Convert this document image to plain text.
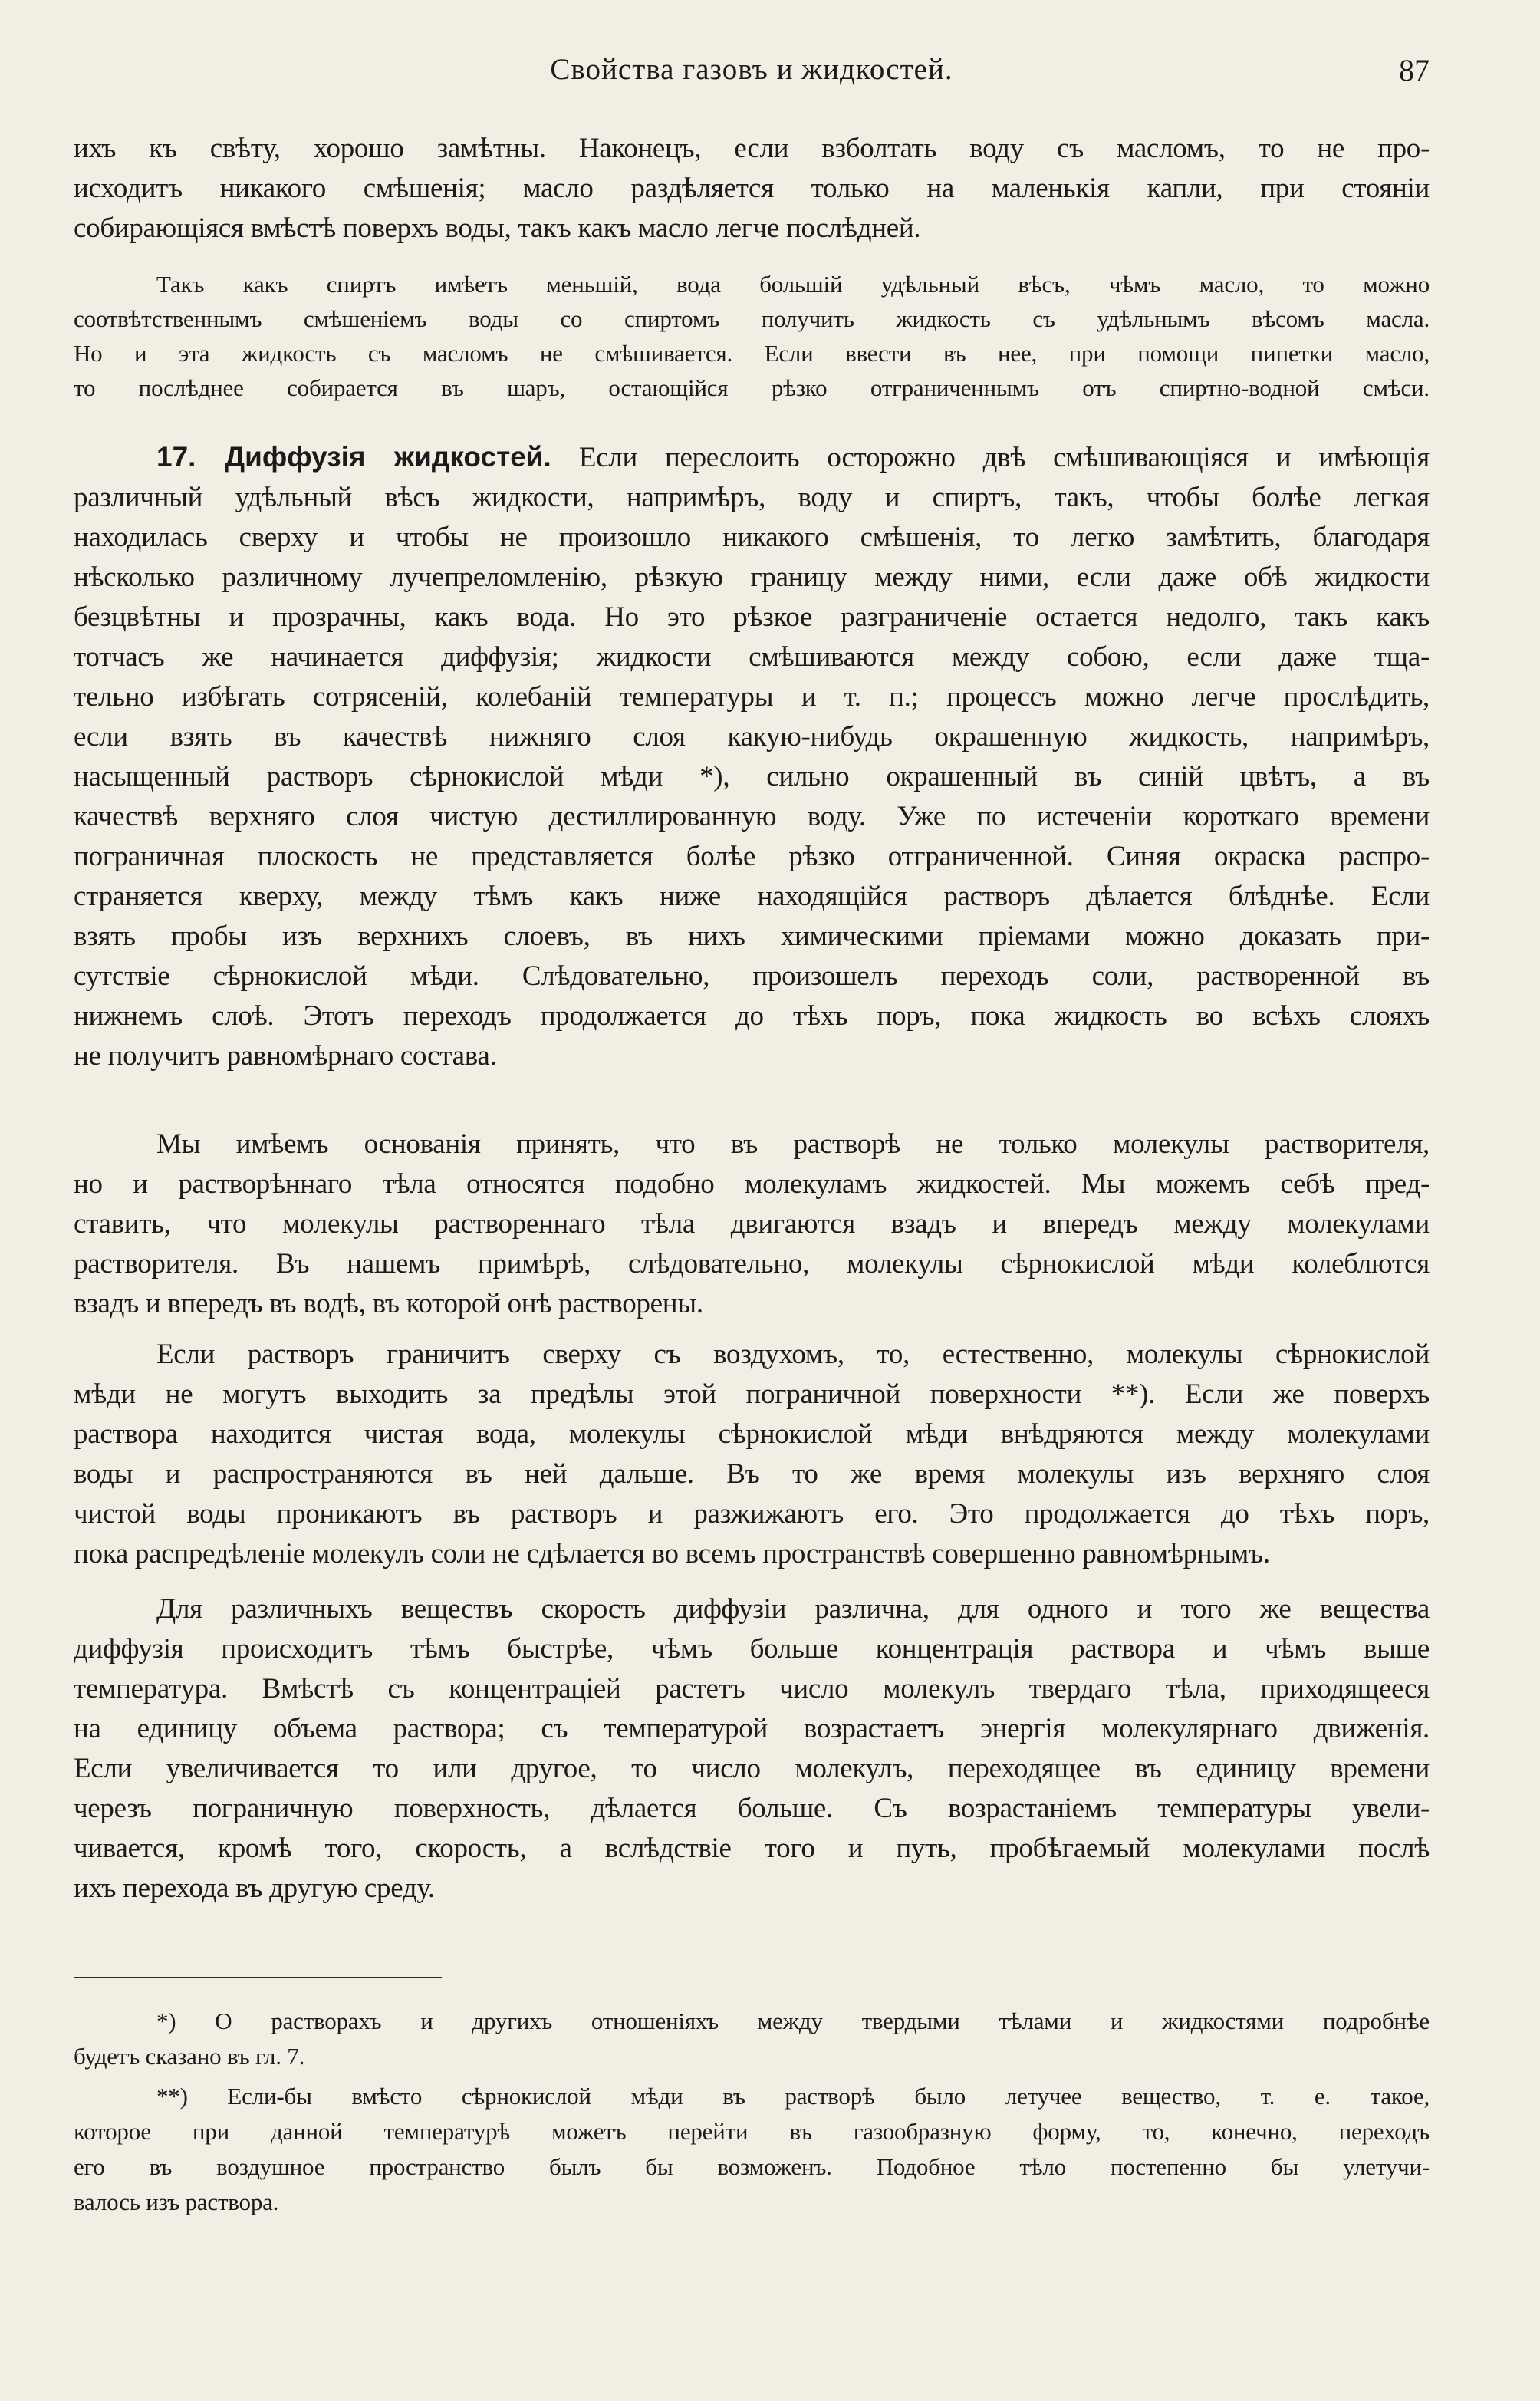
Свойства газовъ и жидкостей.	87
ихъ къ свѣту, хорошо замѣтны. Наконецъ, если взболтать воду съ масломъ, то не про-
исходитъ никакого смѣшенія; масло раздѣляется только на маленькія капли, при стояніи
собирающіяся вмѣстѣ поверхъ воды, такъ какъ масло легче послѣдней.
Такъ какъ спиртъ имѣетъ меньшій, вода большій удѣльный вѣсъ, чѣмъ масло, то можно
соотвѣтственнымъ смѣшеніемъ воды со спиртомъ получить жидкость съ удѣльнымъ вѣсомъ масла.
Но и эта жидкость съ масломъ не смѣшивается. Если ввести въ нее, при помощи пипетки масло,
то послѣднее собирается въ шаръ, остающійся рѣзко отграниченнымъ отъ спиртно-водной смѣси.
17. Диффузія жидкостей. Если переслоить осторожно двѣ смѣшивающіяся и имѣющія
различный удѣльный вѣсъ жидкости, напримѣръ, воду и спиртъ, такъ, чтобы болѣе легкая
находилась сверху и чтобы не произошло никакого смѣшенія, то легко замѣтить, благодаря
нѣсколько различному лучепреломленію, рѣзкую границу между ними, если даже обѣ жидкости
безцвѣтны и прозрачны, какъ вода. Но это рѣзкое разграниченіе остается недолго, такъ какъ
тотчасъ же начинается диффузія; жидкости смѣшиваются между собою, если даже тща-
тельно избѣгать сотрясеній, колебаній температуры и т. п.; процессъ можно легче прослѣдить,
если взять въ качествѣ нижняго слоя какую-нибудь окрашенную жидкость, напримѣръ,
насыщенный растворъ сѣрнокислой мѣди *), сильно окрашенный въ синій цвѣтъ, а въ
качествѣ верхняго слоя чистую дестиллированную воду. Уже по истеченіи короткаго времени
пограничная плоскость не представляется болѣе рѣзко отграниченной. Синяя окраска распро-
страняется кверху, между тѣмъ какъ ниже находящійся растворъ дѣлается блѣднѣе. Если
взять пробы изъ верхнихъ слоевъ, въ нихъ химическими пріемами можно доказать при-
сутствіе сѣрнокислой мѣди. Слѣдовательно, произошелъ переходъ соли, растворенной въ
нижнемъ слоѣ. Этотъ переходъ продолжается до тѣхъ поръ, пока жидкость во всѣхъ слояхъ
не получитъ равномѣрнаго состава.
Мы имѣемъ основанія принять, что въ растворѣ не только молекулы растворителя,
но и растворѣннаго тѣла относятся подобно молекуламъ жидкостей. Мы можемъ себѣ пред-
ставить, что молекулы раствореннаго тѣла двигаются взадъ и впередъ между молекулами
растворителя. Въ нашемъ примѣрѣ, слѣдовательно, молекулы сѣрнокислой мѣди колеблются
взадъ и впередъ въ водѣ, въ которой онѣ растворены.
Если растворъ граничитъ сверху съ воздухомъ, то, естественно, молекулы сѣрнокислой
мѣди не могутъ выходить за предѣлы этой пограничной поверхности **). Если же поверхъ
раствора находится чистая вода, молекулы сѣрнокислой мѣди внѣдряются между молекулами
воды и распространяются въ ней дальше. Въ то же время молекулы изъ верхняго слоя
чистой воды проникаютъ въ растворъ и разжижаютъ его. Это продолжается до тѣхъ поръ,
пока распредѣленіе молекулъ соли не сдѣлается во всемъ пространствѣ совершенно равномѣрнымъ.
Для различныхъ веществъ скорость диффузіи различна, для одного и того же вещества
диффузія происходитъ тѣмъ быстрѣе, чѣмъ больше концентрація раствора и чѣмъ выше
температура. Вмѣстѣ съ концентраціей растетъ число молекулъ твердаго тѣла, приходящееся
на единицу объема раствора; съ температурой возрастаетъ энергія молекулярнаго движенія.
Если увеличивается то или другое, то число молекулъ, переходящее въ единицу времени
черезъ пограничную поверхность, дѣлается больше. Съ возрастаніемъ температуры увели-
чивается, кромѣ того, скорость, а вслѣдствіе того и путь, пробѣгаемый молекулами послѣ
ихъ перехода въ другую среду.
*) О растворахъ и другихъ отношеніяхъ между твердыми тѣлами и жидкостями подробнѣе
будетъ сказано въ гл. 7.
**) Если-бы вмѣсто сѣрнокислой мѣди въ растворѣ было летучее вещество, т. е. такое,
которое при данной температурѣ можетъ перейти въ газообразную форму, то, конечно, переходъ
его въ воздушное пространство былъ бы возможенъ. Подобное тѣло постепенно бы улетучи-
валось изъ раствора.
